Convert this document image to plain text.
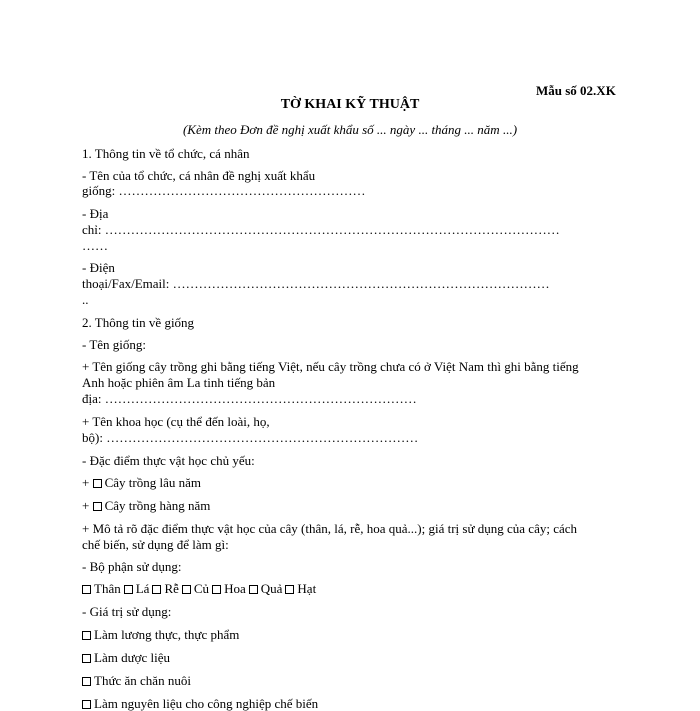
Mẫu số 02.XK
TỜ KHAI KỸ THUẬT
(Kèm theo Đơn đề nghị xuất khẩu số ... ngày ... tháng ... năm ...)
1. Thông tin về tổ chức, cá nhân
- Tên của tổ chức, cá nhân đề nghị xuất khẩu
giống: …………………………………………………
- Địa
chỉ: ……………………………………………………………………………………………
……
- Điện
thoại/Fax/Email: ……………………………………………………………………………
..
2. Thông tin về giống
- Tên giống:
+ Tên giống cây trồng ghi bằng tiếng Việt, nếu cây trồng chưa có ở Việt Nam thì ghi bằng tiếng
Anh hoặc phiên âm La tinh tiếng bản
địa: ………………………………………………………………
+ Tên khoa học (cụ thể đến loài, họ,
bộ): ………………………………………………………………
- Đặc điểm thực vật học chủ yếu:
+ Cây trồng lâu năm
+ Cây trồng hàng năm
+ Mô tả rõ đặc điểm thực vật học của cây (thân, lá, rễ, hoa quả...); giá trị sử dụng của cây; cách
chế biến, sử dụng để làm gì:
- Bộ phận sử dụng:
Thân Lá Rễ Củ Hoa Quả Hạt
- Giá trị sử dụng:
Làm lương thực, thực phẩm
Làm dược liệu
Thức ăn chăn nuôi
Làm nguyên liệu cho công nghiệp chế biến
